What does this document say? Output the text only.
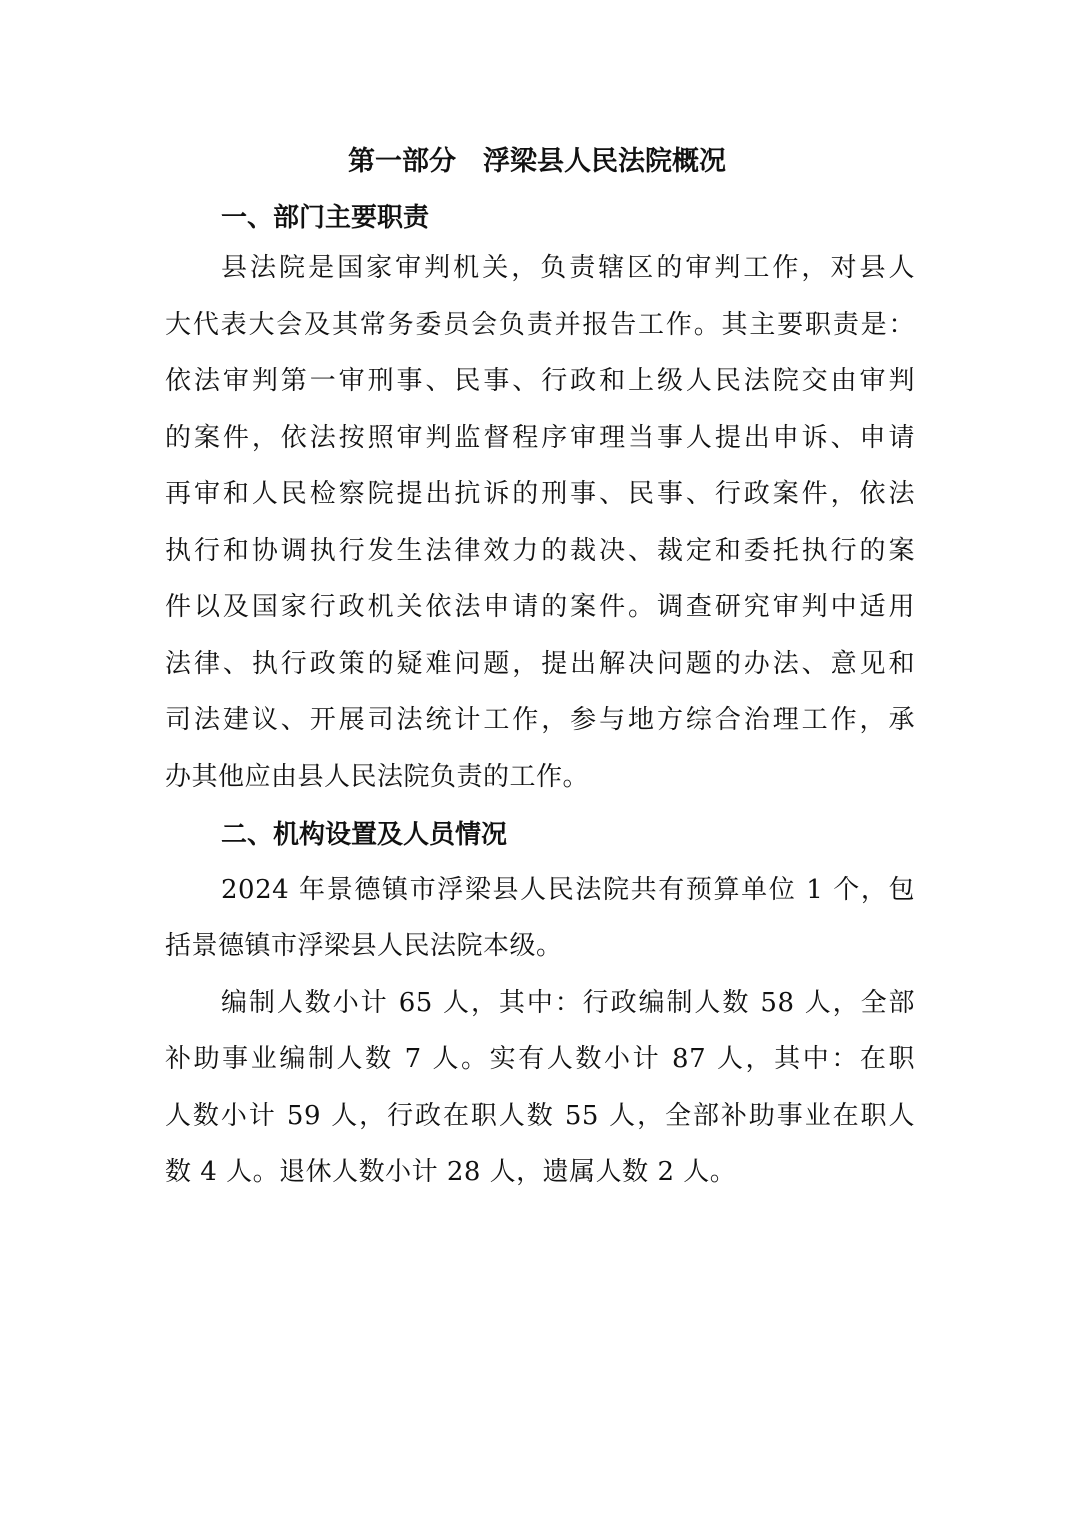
第一部分　浮梁县人民法院概况
一、部门主要职责
县法院是国家审判机关，负责辖区的审判工作，对县人
大代表大会及其常务委员会负责并报告工作。其主要职责是：
依法审判第一审刑事、民事、行政和上级人民法院交由审判
的案件，依法按照审判监督程序审理当事人提出申诉、申请
再审和人民检察院提出抗诉的刑事、民事、行政案件，依法
执行和协调执行发生法律效力的裁决、裁定和委托执行的案
件以及国家行政机关依法申请的案件。调查研究审判中适用
法律、执行政策的疑难问题，提出解决问题的办法、意见和
司法建议、开展司法统计工作，参与地方综合治理工作，承
办其他应由县人民法院负责的工作。
二、机构设置及人员情况
2024 年景德镇市浮梁县人民法院共有预算单位 1 个，包
括景德镇市浮梁县人民法院本级。
编制人数小计 65 人，其中：行政编制人数 58 人，全部
补助事业编制人数 7 人。实有人数小计 87 人，其中：在职
人数小计 59 人，行政在职人数 55 人，全部补助事业在职人
数 4 人。退休人数小计 28 人，遗属人数 2 人。
